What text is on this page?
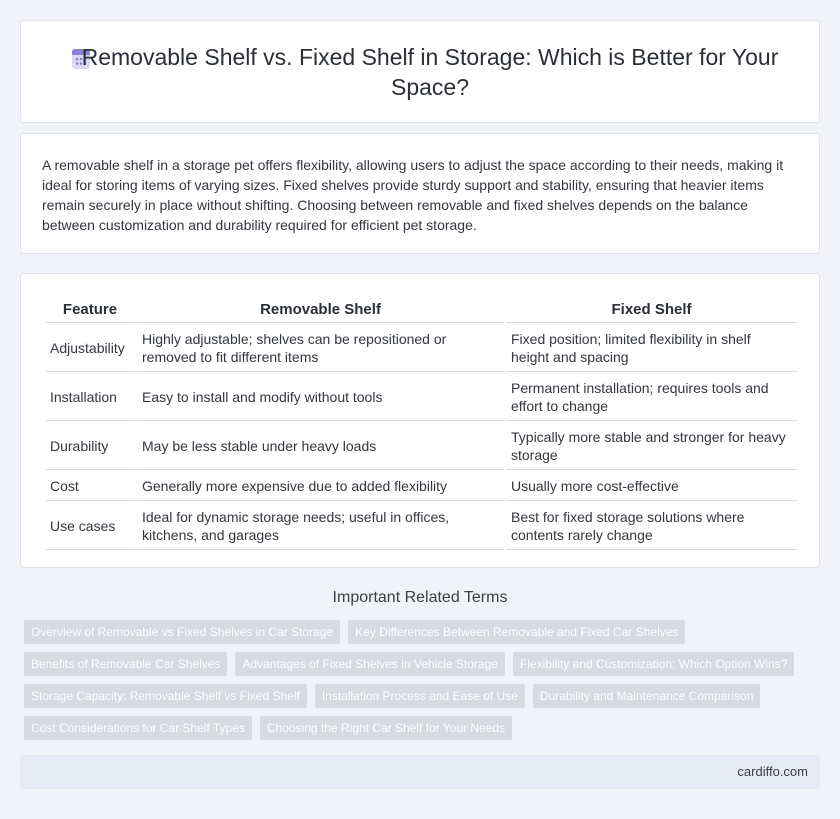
Removable Shelf vs. Fixed Shelf in Storage: Which is Better for Your Space?

A removable shelf in a storage pet offers flexibility, allowing users to adjust the space according to their needs, making it ideal for storing items of varying sizes. Fixed shelves provide sturdy support and stability, ensuring that heavier items remain securely in place without shifting. Choosing between removable and fixed shelves depends on the balance between customization and durability required for efficient pet storage.

Feature	Removable Shelf	Fixed Shelf
Adjustability	Highly adjustable; shelves can be repositioned or removed to fit different items	Fixed position; limited flexibility in shelf height and spacing
Installation	Easy to install and modify without tools	Permanent installation; requires tools and effort to change
Durability	May be less stable under heavy loads	Typically more stable and stronger for heavy storage
Cost	Generally more expensive due to added flexibility	Usually more cost-effective
Use cases	Ideal for dynamic storage needs; useful in offices, kitchens, and garages	Best for fixed storage solutions where contents rarely change
Important Related Terms
Overview of Removable vs Fixed Shelves in Car Storage	Key Differences Between Removable and Fixed Car Shelves
Benefits of Removable Car Shelves	Advantages of Fixed Shelves in Vehicle Storage	Flexibility and Customization: Which Option Wins?
Storage Capacity: Removable Shelf vs Fixed Shelf	Installation Process and Ease of Use	Durability and Maintenance Comparison
Cost Considerations for Car Shelf Types	Choosing the Right Car Shelf for Your Needs
cardiffo.com
